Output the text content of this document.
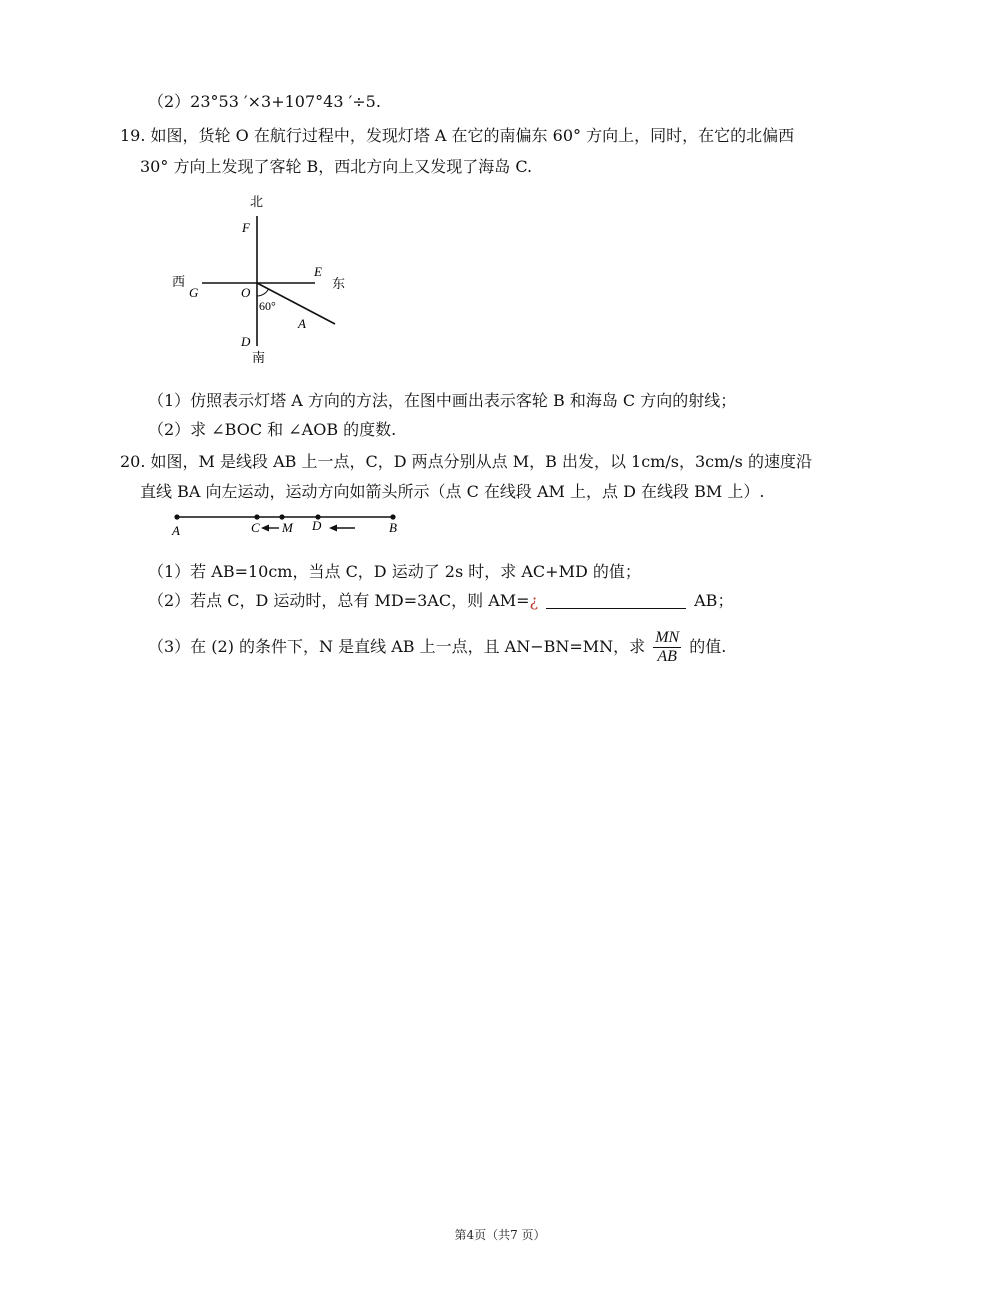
（2）23°53 ′×3+107°43 ′÷5.
19. 如图，货轮 O 在航行过程中，发现灯塔 A 在它的南偏东 60° 方向上，同时，在它的北偏西
30° 方向上发现了客轮 B，西北方向上又发现了海岛 C.
北
F
E
东
西
G	O
60°
A
D
南
（1）仿照表示灯塔 A 方向的方法，在图中画出表示客轮 B 和海岛 C 方向的射线；
（2）求 ∠BOC 和 ∠AOB 的度数.
20. 如图，M 是线段 AB 上一点，C，D 两点分别从点 M，B 出发，以 1cm/s，3cm/s 的速度沿
直线 BA 向左运动，运动方向如箭头所示（点 C 在线段 AM 上，点 D 在线段 BM 上）.
A	C M D	B
（1）若 AB=10cm，当点 C，D 运动了 2s 时，求 AC+MD 的值；
（2）若点 C，D 运动时，总有 MD=3AC，则 AM=¿	AB；
（3）在 (2) 的条件下，N 是直线 AB 上一点，且 AN−BN=MN，求 $\frac{MN}{AB}$ 的值.
第4页（共7 页）
